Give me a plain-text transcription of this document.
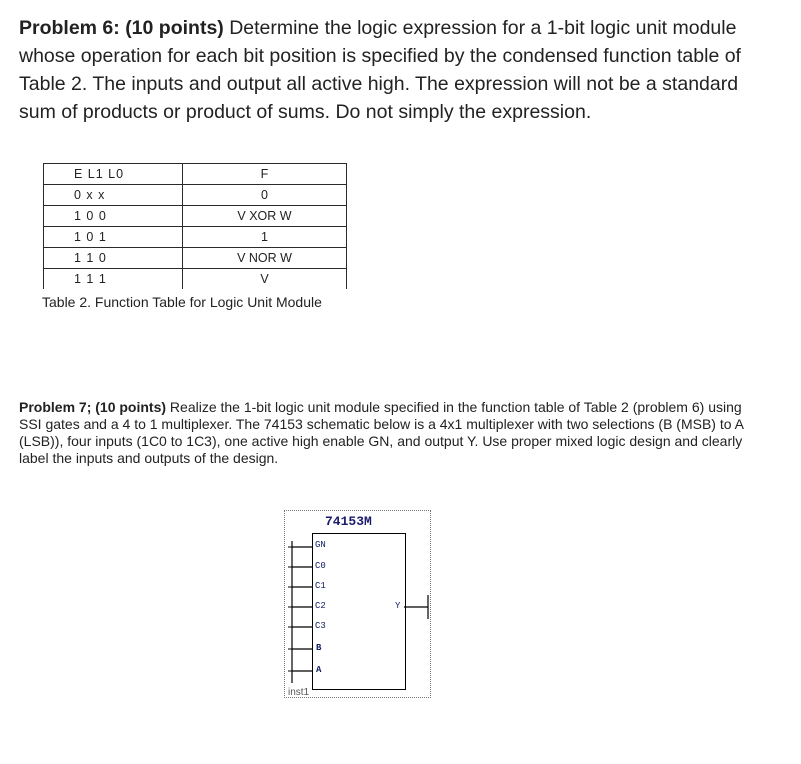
Problem 6: (10 points) Determine the logic expression for a 1-bit logic unit module whose operation for each bit position is specified by the condensed function table of Table 2. The inputs and output all active high. The expression will not be a standard sum of products or product of sums. Do not simply the expression.
E L1 L0	F
0 x x	0
1 0 0	V XOR W
1 0 1	1
1 1 0	V NOR W
1 1 1	V
Table 2. Function Table for Logic Unit Module
Problem 7; (10 points) Realize the 1-bit logic unit module specified in the function table of Table 2 (problem 6) using SSI gates and a 4 to 1 multiplexer. The 74153 schematic below is a 4x1 multiplexer with two selections (B (MSB) to A (LSB)), four inputs (1C0 to 1C3), one active high enable GN, and output Y. Use proper mixed logic design and clearly label the inputs and outputs of the design.
74153M
GN
C0
C1
C2
C3
B
A
Y
inst1
